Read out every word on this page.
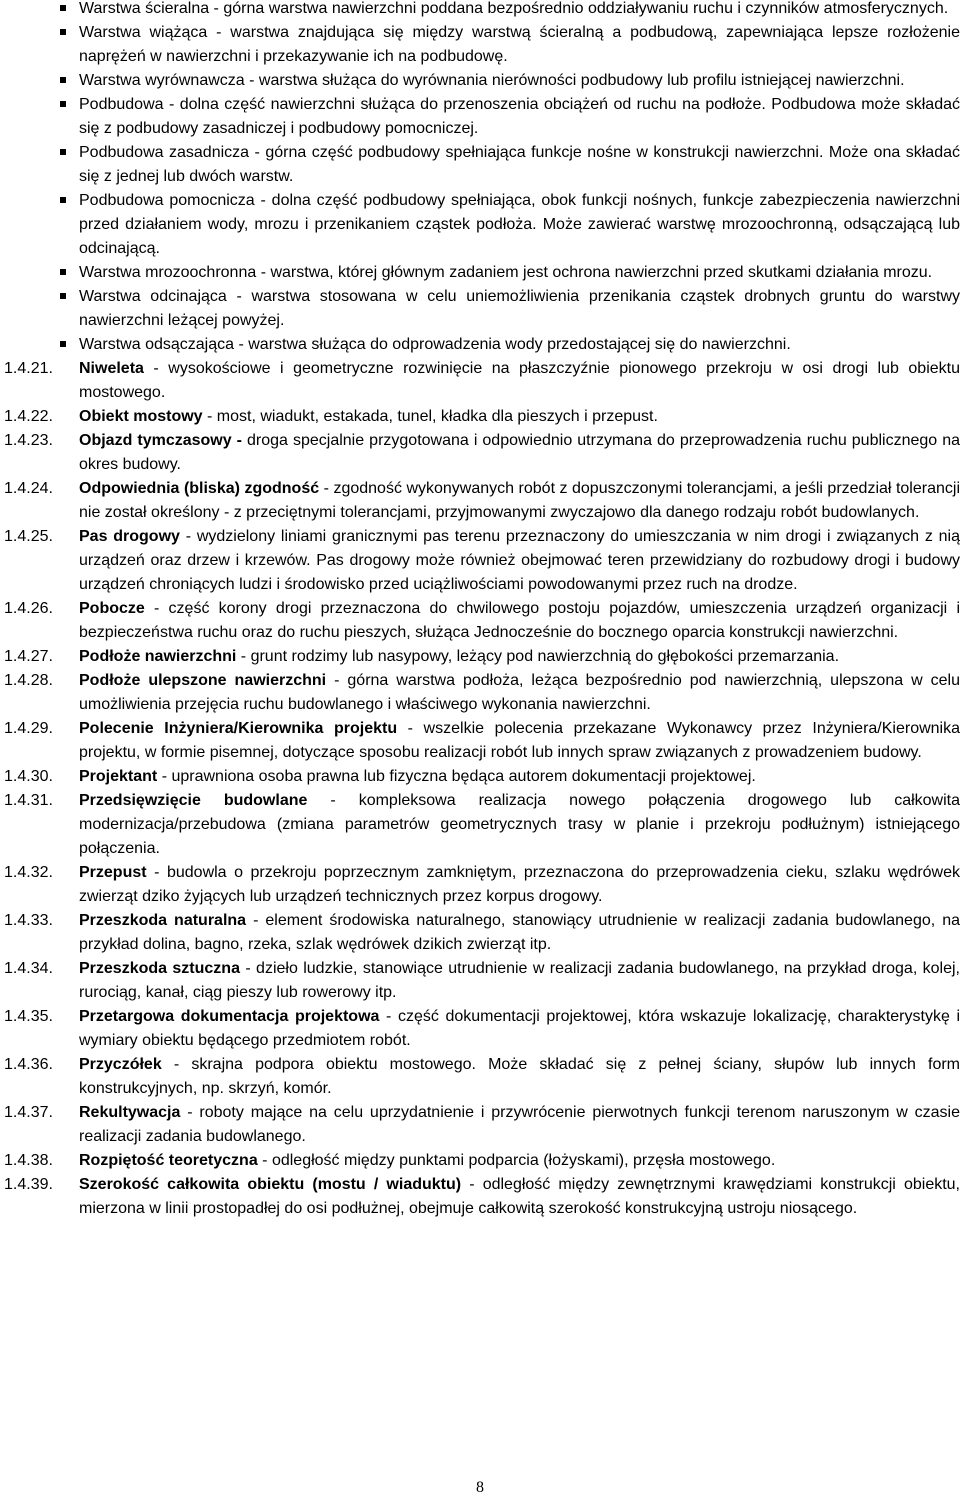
Warstwa ścieralna - górna warstwa nawierzchni poddana bezpośrednio oddziaływaniu ruchu i czynników atmosferycznych.
Warstwa wiążąca - warstwa znajdująca się między warstwą ścieralną a podbudową, zapewniająca lepsze rozłożenie naprężeń w nawierzchni i przekazywanie ich na podbudowę.
Warstwa wyrównawcza - warstwa służąca do wyrównania nierówności podbudowy lub profilu istniejącej nawierzchni.
Podbudowa - dolna część nawierzchni służąca do przenoszenia obciążeń od ruchu na podłoże. Podbudowa może składać się z podbudowy zasadniczej i podbudowy pomocniczej.
Podbudowa zasadnicza - górna część podbudowy spełniająca funkcje nośne w konstrukcji nawierzchni. Może ona składać się z jednej lub dwóch warstw.
Podbudowa pomocnicza - dolna część podbudowy spełniająca, obok funkcji nośnych, funkcje zabezpieczenia nawierzchni przed działaniem wody, mrozu i przenikaniem cząstek podłoża. Może zawierać warstwę mrozoochronną, odsączającą lub odcinającą.
Warstwa mrozoochronna - warstwa, której głównym zadaniem jest ochrona nawierzchni przed skutkami działania mrozu.
Warstwa odcinająca - warstwa stosowana w celu uniemożliwienia przenikania cząstek drobnych gruntu do warstwy nawierzchni leżącej powyżej.
Warstwa odsączająca - warstwa służąca do odprowadzenia wody przedostającej się do nawierzchni.
1.4.21. Niweleta - wysokościowe i geometryczne rozwinięcie na płaszczyźnie pionowego przekroju w osi drogi lub obiektu mostowego.
1.4.22. Obiekt mostowy - most, wiadukt, estakada, tunel, kładka dla pieszych i przepust.
1.4.23. Objazd tymczasowy - droga specjalnie przygotowana i odpowiednio utrzymana do przeprowadzenia ruchu publicznego na okres budowy.
1.4.24. Odpowiednia (bliska) zgodność - zgodność wykonywanych robót z dopuszczonymi tolerancjami, a jeśli przedział tolerancji nie został określony - z przeciętnymi tolerancjami, przyjmowanymi zwyczajowo dla danego rodzaju robót budowlanych.
1.4.25. Pas drogowy - wydzielony liniami granicznymi pas terenu przeznaczony do umieszczania w nim drogi i związanych z nią urządzeń oraz drzew i krzewów. Pas drogowy może również obejmować teren przewidziany do rozbudowy drogi i budowy urządzeń chroniących ludzi i środowisko przed uciążliwościami powodowanymi przez ruch na drodze.
1.4.26. Pobocze - część korony drogi przeznaczona do chwilowego postoju pojazdów, umieszczenia urządzeń organizacji i bezpieczeństwa ruchu oraz do ruchu pieszych, służąca Jednocześnie do bocznego oparcia konstrukcji nawierzchni.
1.4.27. Podłoże nawierzchni - grunt rodzimy lub nasypowy, leżący pod nawierzchnią do głębokości przemarzania.
1.4.28. Podłoże ulepszone nawierzchni - górna warstwa podłoża, leżąca bezpośrednio pod nawierzchnią, ulepszona w celu umożliwienia przejęcia ruchu budowlanego i właściwego wykonania nawierzchni.
1.4.29. Polecenie Inżyniera/Kierownika projektu - wszelkie polecenia przekazane Wykonawcy przez Inżyniera/Kierownika projektu, w formie pisemnej, dotyczące sposobu realizacji robót lub innych spraw związanych z prowadzeniem budowy.
1.4.30. Projektant - uprawniona osoba prawna lub fizyczna będąca autorem dokumentacji projektowej.
1.4.31. Przedsięwzięcie budowlane - kompleksowa realizacja nowego połączenia drogowego lub całkowita modernizacja/przebudowa (zmiana parametrów geometrycznych trasy w planie i przekroju podłużnym) istniejącego połączenia.
1.4.32. Przepust - budowla o przekroju poprzecznym zamkniętym, przeznaczona do przeprowadzenia cieku, szlaku wędrówek zwierząt dziko żyjących lub urządzeń technicznych przez korpus drogowy.
1.4.33. Przeszkoda naturalna - element środowiska naturalnego, stanowiący utrudnienie w realizacji zadania budowlanego, na przykład dolina, bagno, rzeka, szlak wędrówek dzikich zwierząt itp.
1.4.34. Przeszkoda sztuczna - dzieło ludzkie, stanowiące utrudnienie w realizacji zadania budowlanego, na przykład droga, kolej, rurociąg, kanał, ciąg pieszy lub rowerowy itp.
1.4.35. Przetargowa dokumentacja projektowa - część dokumentacji projektowej, która wskazuje lokalizację, charakterystykę i wymiary obiektu będącego przedmiotem robót.
1.4.36. Przyczółek - skrajna podpora obiektu mostowego. Może składać się z pełnej ściany, słupów lub innych form konstrukcyjnych, np. skrzyń, komór.
1.4.37. Rekultywacja - roboty mające na celu uprzydatnienie i przywrócenie pierwotnych funkcji terenom naruszonym w czasie realizacji zadania budowlanego.
1.4.38. Rozpiętość teoretyczna - odległość między punktami podparcia (łożyskami), przęsła mostowego.
1.4.39. Szerokość całkowita obiektu (mostu / wiaduktu) - odległość między zewnętrznymi krawędziami konstrukcji obiektu, mierzona w linii prostopadłej do osi podłużnej, obejmuje całkowitą szerokość konstrukcyjną ustroju niosącego.
8
